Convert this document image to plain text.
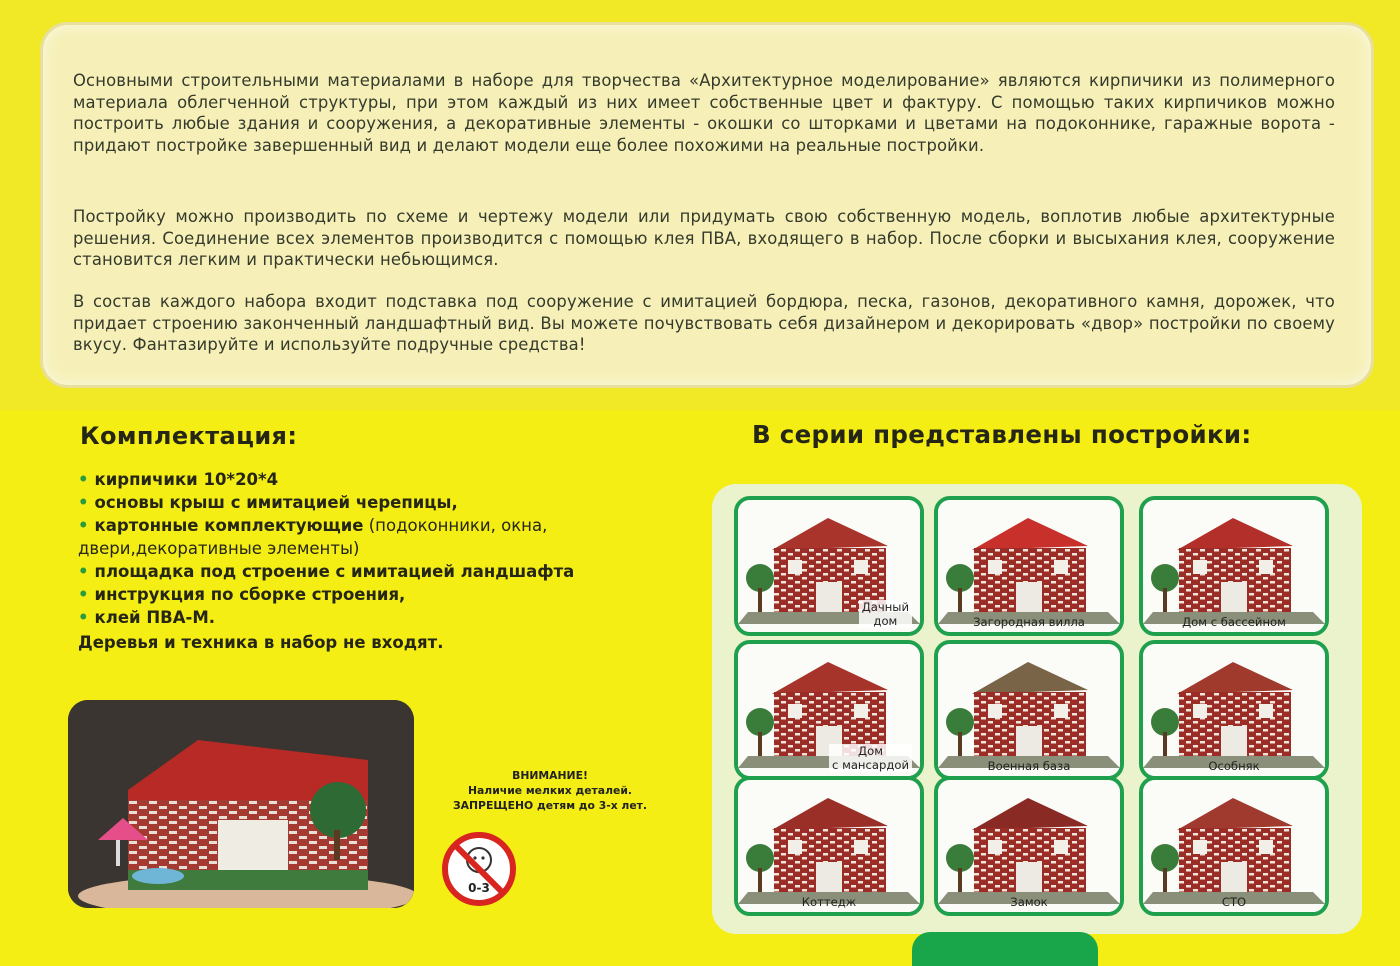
Основными строительными материалами в наборе для творчества «Архитектурное моделирование» являются кирпичики из полимерного материала облегченной структуры, при этом каждый из них имеет собственные цвет и фактуру. С помощью таких кирпичиков можно построить любые здания и сооружения, а декоративные элементы - окошки со шторками и цветами на подоконнике, гаражные ворота - придают постройке завершенный вид и делают модели еще более похожими на реальные постройки.
Постройку можно производить по схеме и чертежу модели или придумать свою собственную модель, воплотив любые архитектурные решения. Соединение всех элементов производится с помощью клея ПВА, входящего в набор. После сборки и высыхания клея, сооружение становится легким и практически небьющимся.
В состав каждого набора входит подставка под сооружение с имитацией бордюра, песка, газонов, декоративного камня, дорожек, что придает строению законченный ландшафтный вид. Вы можете почувствовать себя дизайнером и декорировать «двор» постройки по своему вкусу. Фантазируйте и используйте подручные средства!
Комплектация:
• кирпичики 10*20*4
• основы крыш с имитацией черепицы,
• картонные комплектующие (подоконники, окна,
двери,декоративные элементы)
• площадка под строение с имитацией ландшафта
• инструкция по сборке строения,
• клей ПВА-М.
Деревья и техника в набор не входят.
ВНИМАНИЕ!
Наличие мелких деталей.
ЗАПРЕЩЕНО детям до 3-х лет.
0-3
В серии представлены постройки:
Дачный
дом	Загородная вилла	Дом с бассейном
Дом
с мансардой	Военная база	Особняк
Коттедж	Замок	СТО
